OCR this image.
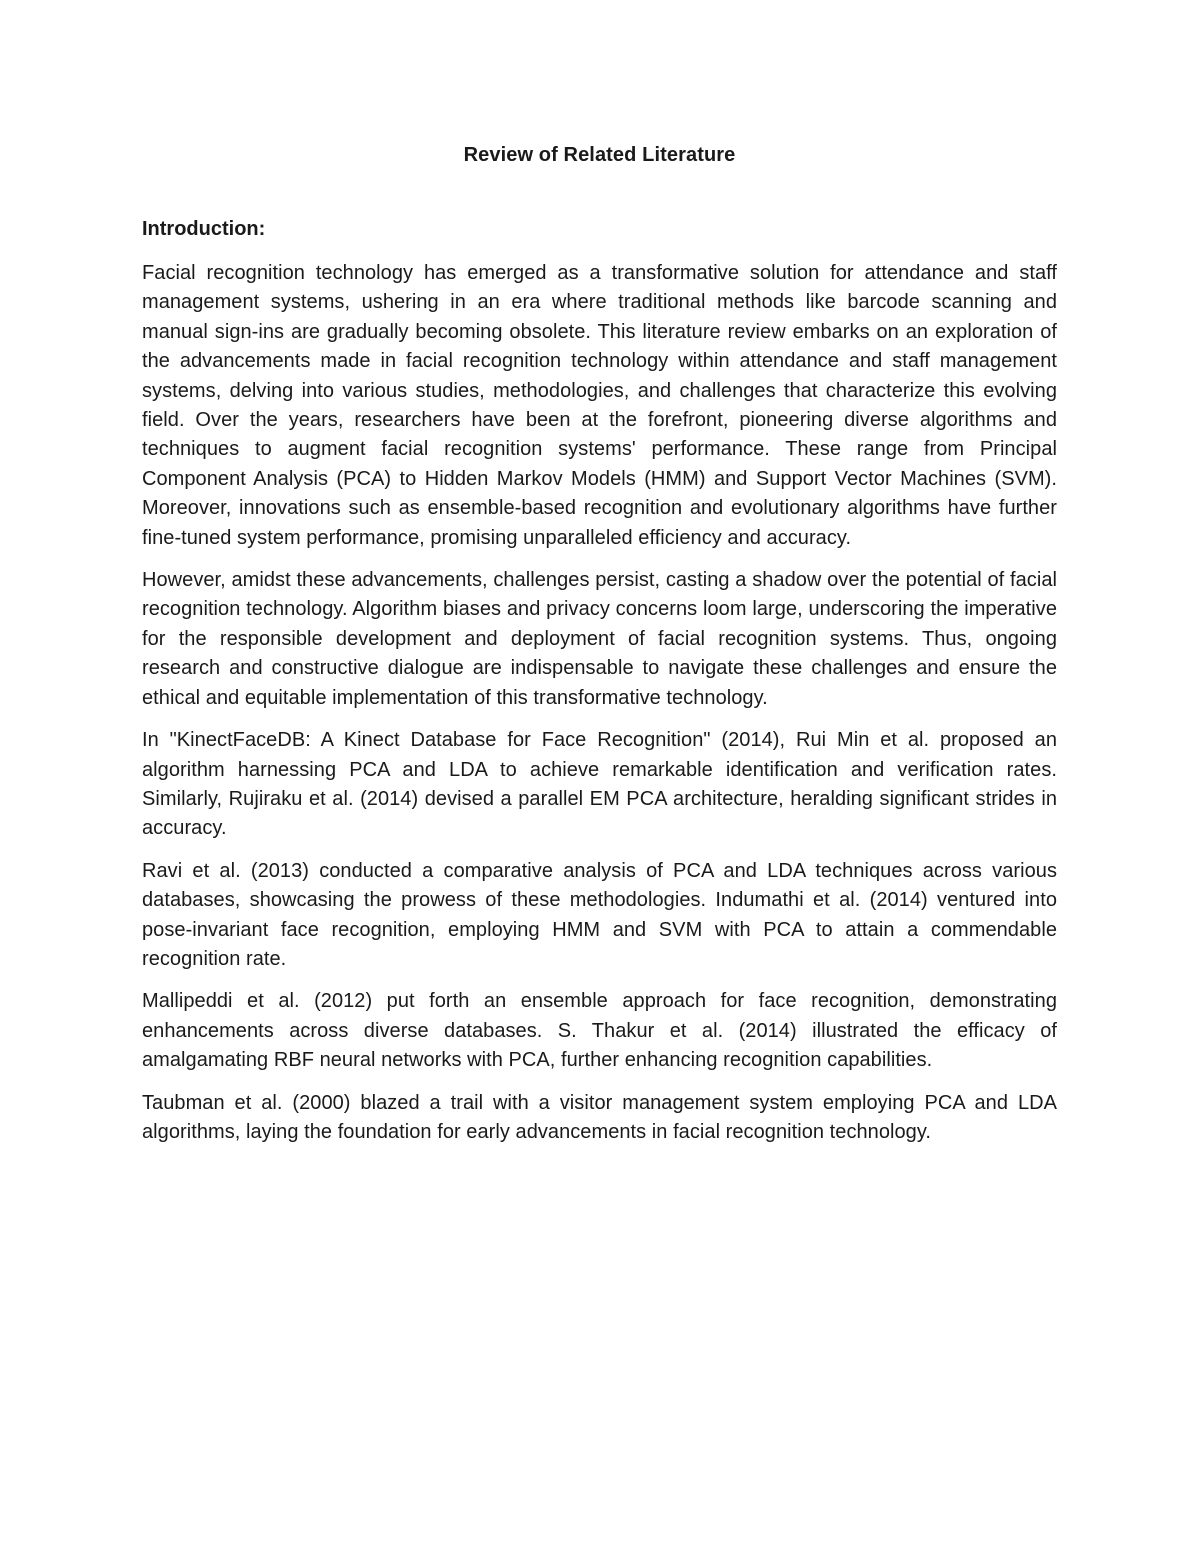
Review of Related Literature
Introduction:

Facial recognition technology has emerged as a transformative solution for attendance and staff management systems, ushering in an era where traditional methods like barcode scanning and manual sign-ins are gradually becoming obsolete. This literature review embarks on an exploration of the advancements made in facial recognition technology within attendance and staff management systems, delving into various studies, methodologies, and challenges that characterize this evolving field. Over the years, researchers have been at the forefront, pioneering diverse algorithms and techniques to augment facial recognition systems' performance. These range from Principal Component Analysis (PCA) to Hidden Markov Models (HMM) and Support Vector Machines (SVM). Moreover, innovations such as ensemble-based recognition and evolutionary algorithms have further fine-tuned system performance, promising unparalleled efficiency and accuracy.

However, amidst these advancements, challenges persist, casting a shadow over the potential of facial recognition technology. Algorithm biases and privacy concerns loom large, underscoring the imperative for the responsible development and deployment of facial recognition systems. Thus, ongoing research and constructive dialogue are indispensable to navigate these challenges and ensure the ethical and equitable implementation of this transformative technology.

In "KinectFaceDB: A Kinect Database for Face Recognition" (2014), Rui Min et al. proposed an algorithm harnessing PCA and LDA to achieve remarkable identification and verification rates. Similarly, Rujiraku et al. (2014) devised a parallel EM PCA architecture, heralding significant strides in accuracy.

Ravi et al. (2013) conducted a comparative analysis of PCA and LDA techniques across various databases, showcasing the prowess of these methodologies. Indumathi et al. (2014) ventured into pose-invariant face recognition, employing HMM and SVM with PCA to attain a commendable recognition rate.

Mallipeddi et al. (2012) put forth an ensemble approach for face recognition, demonstrating enhancements across diverse databases. S. Thakur et al. (2014) illustrated the efficacy of amalgamating RBF neural networks with PCA, further enhancing recognition capabilities.

Taubman et al. (2000) blazed a trail with a visitor management system employing PCA and LDA algorithms, laying the foundation for early advancements in facial recognition technology.
